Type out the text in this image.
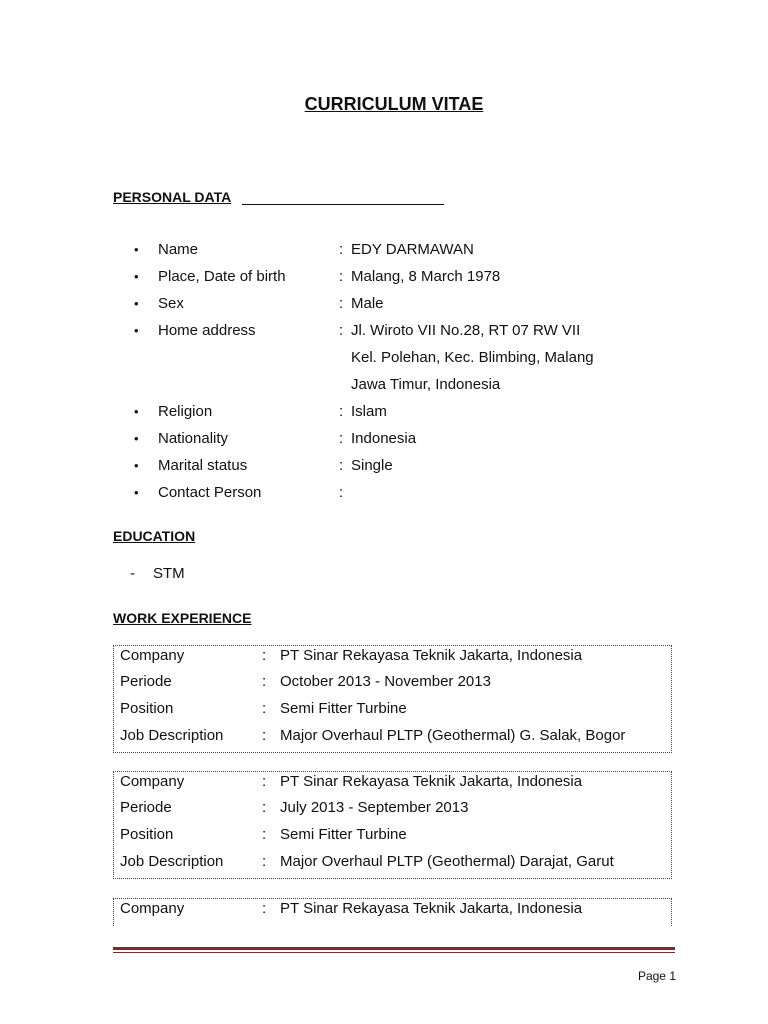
CURRICULUM VITAE
PERSONAL DATA
• Name	: EDY DARMAWAN
• Place, Date of birth	: Malang, 8 March 1978
• Sex	: Male
• Home address	: Jl. Wiroto VII No.28, RT 07 RW VII
Kel. Polehan, Kec. Blimbing, Malang
Jawa Timur, Indonesia
• Religion	: Islam
• Nationality	: Indonesia
• Marital status	: Single
• Contact Person	:
EDUCATION
- STM
WORK EXPERIENCE
Company	: PT Sinar Rekayasa Teknik Jakarta, Indonesia
Periode	: October 2013 - November 2013
Position	: Semi Fitter Turbine
Job Description	: Major Overhaul PLTP (Geothermal) G. Salak, Bogor
Company	: PT Sinar Rekayasa Teknik Jakarta, Indonesia
Periode	: July 2013 - September 2013
Position	: Semi Fitter Turbine
Job Description	: Major Overhaul PLTP (Geothermal) Darajat, Garut
Company	: PT Sinar Rekayasa Teknik Jakarta, Indonesia
Page 1
